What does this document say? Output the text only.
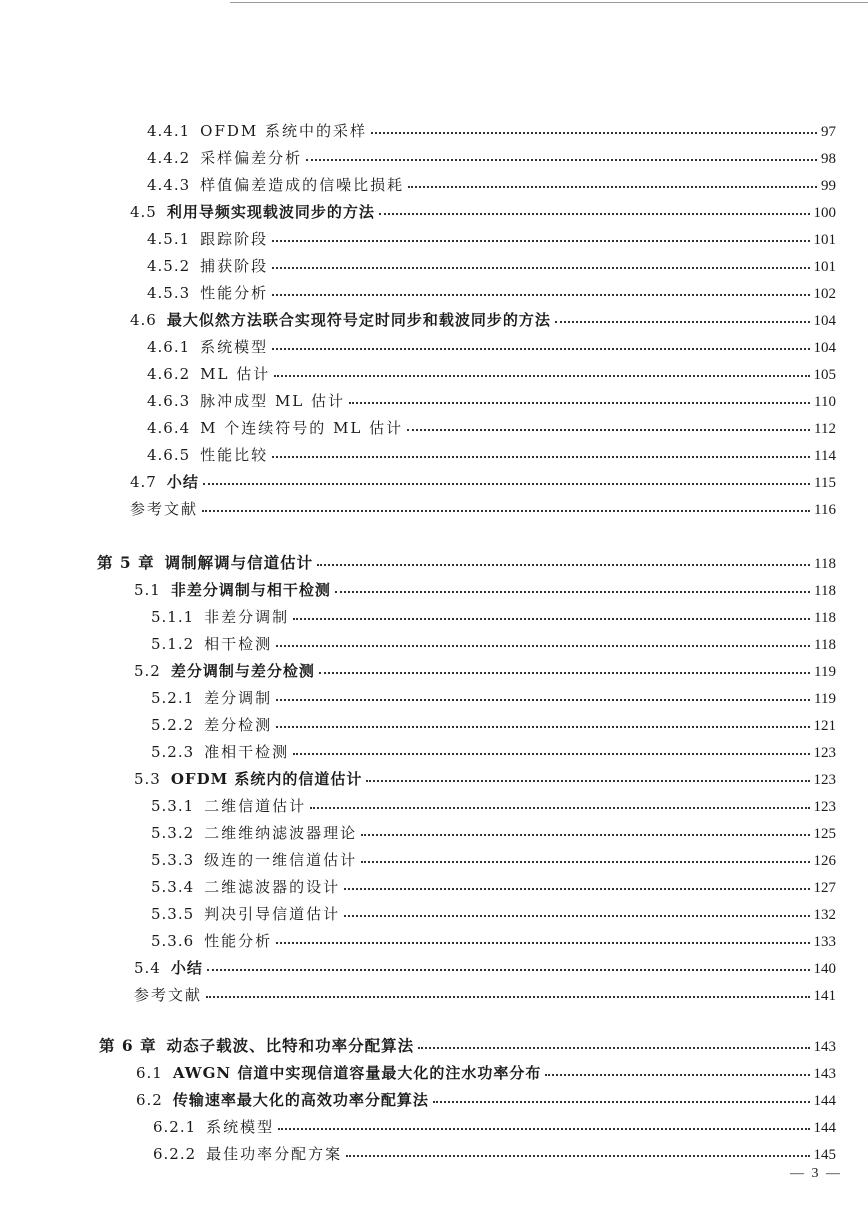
4.4.1 OFDM 系统中的采样	97
4.4.2 采样偏差分析	98
4.4.3 样值偏差造成的信噪比损耗	99
4.5 利用导频实现载波同步的方法	100
4.5.1 跟踪阶段	101
4.5.2 捕获阶段	101
4.5.3 性能分析	102
4.6 最大似然方法联合实现符号定时同步和载波同步的方法	104
4.6.1 系统模型	104
4.6.2 ML 估计	105
4.6.3 脉冲成型 ML 估计	110
4.6.4 M 个连续符号的 ML 估计	112
4.6.5 性能比较	114
4.7 小结	115
参考文献	116
第 5 章 调制解调与信道估计	118
5.1 非差分调制与相干检测	118
5.1.1 非差分调制	118
5.1.2 相干检测	118
5.2 差分调制与差分检测	119
5.2.1 差分调制	119
5.2.2 差分检测	121
5.2.3 准相干检测	123
5.3 OFDM 系统内的信道估计	123
5.3.1 二维信道估计	123
5.3.2 二维维纳滤波器理论	125
5.3.3 级连的一维信道估计	126
5.3.4 二维滤波器的设计	127
5.3.5 判决引导信道估计	132
5.3.6 性能分析	133
5.4 小结	140
参考文献	141
第 6 章 动态子载波、比特和功率分配算法	143
6.1 AWGN 信道中实现信道容量最大化的注水功率分布	143
6.2 传输速率最大化的高效功率分配算法	144
6.2.1 系统模型	144
6.2.2 最佳功率分配方案	145
— 3 —
